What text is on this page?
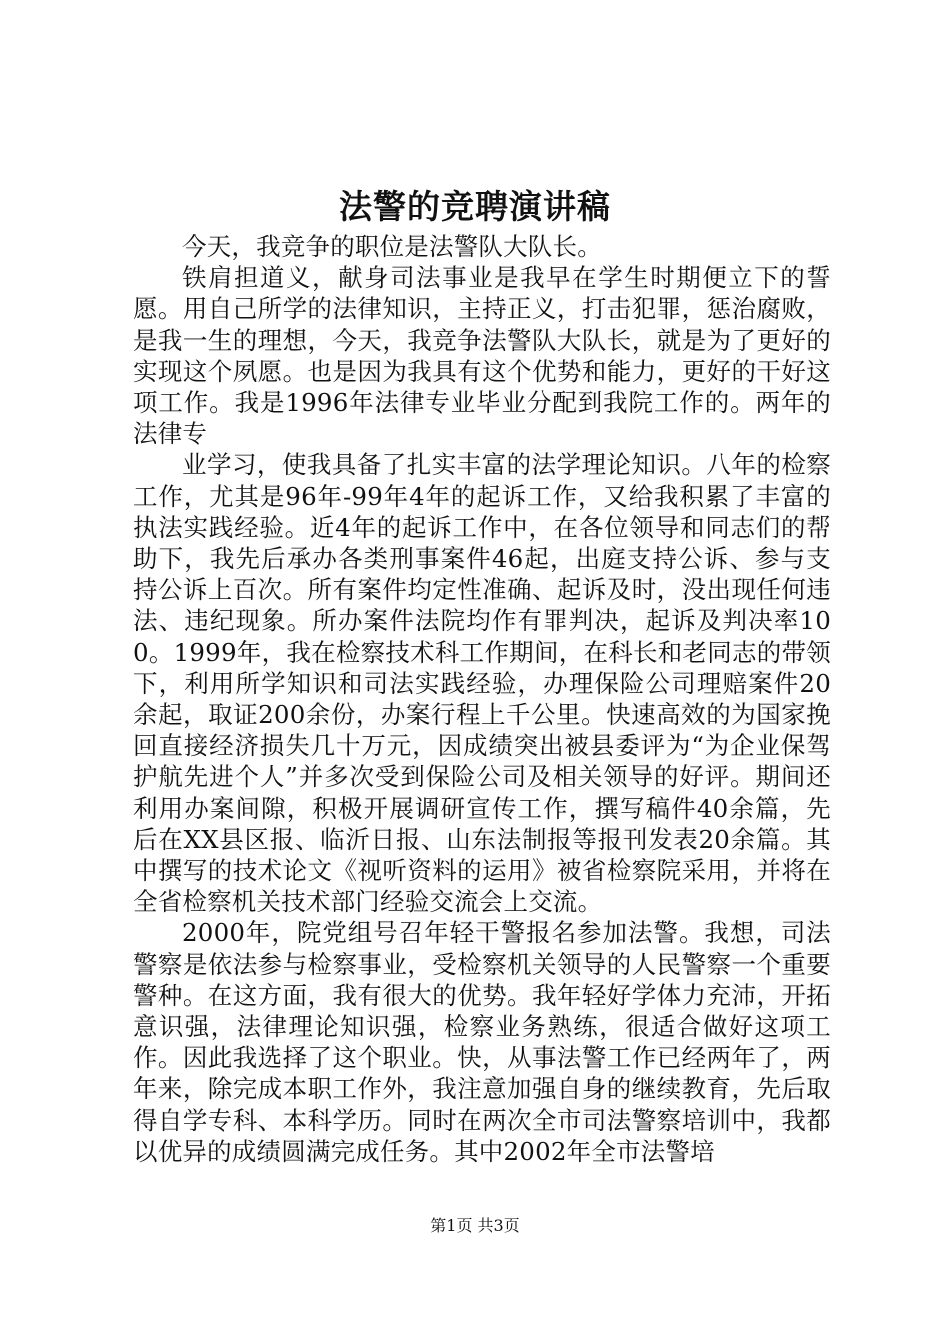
法警的竞聘演讲稿

今天，我竞争的职位是法警队大队长。

铁肩担道义，献身司法事业是我早在学生时期便立下的誓愿。用自己所学的法律知识，主持正义，打击犯罪，惩治腐败，是我一生的理想，今天，我竞争法警队大队长，就是为了更好的实现这个夙愿。也是因为我具有这个优势和能力，更好的干好这项工作。我是1996年法律专业毕业分配到我院工作的。两年的法律专

业学习，使我具备了扎实丰富的法学理论知识。八年的检察工作，尤其是96年-99年4年的起诉工作，又给我积累了丰富的执法实践经验。近4年的起诉工作中，在各位领导和同志们的帮助下，我先后承办各类刑事案件46起，出庭支持公诉、参与支持公诉上百次。所有案件均定性准确、起诉及时，没出现任何违法、违纪现象。所办案件法院均作有罪判决，起诉及判决率100。1999年，我在检察技术科工作期间，在科长和老同志的带领下，利用所学知识和司法实践经验，办理保险公司理赔案件20余起，取证200余份，办案行程上千公里。快速高效的为国家挽回直接经济损失几十万元，因成绩突出被县委评为“为企业保驾护航先进个人”并多次受到保险公司及相关领导的好评。期间还利用办案间隙，积极开展调研宣传工作，撰写稿件40余篇，先后在XX县区报、临沂日报、山东法制报等报刊发表20余篇。其中撰写的技术论文《视听资料的运用》被省检察院采用，并将在全省检察机关技术部门经验交流会上交流。

2000年，院党组号召年轻干警报名参加法警。我想，司法警察是依法参与检察事业，受检察机关领导的人民警察一个重要警种。在这方面，我有很大的优势。我年轻好学体力充沛，开拓意识强，法律理论知识强，检察业务熟练，很适合做好这项工作。因此我选择了这个职业。快，从事法警工作已经两年了，两年来，除完成本职工作外，我注意加强自身的继续教育，先后取得自学专科、本科学历。同时在两次全市司法警察培训中，我都以优异的成绩圆满完成任务。其中2002年全市法警培

第1页 共3页
